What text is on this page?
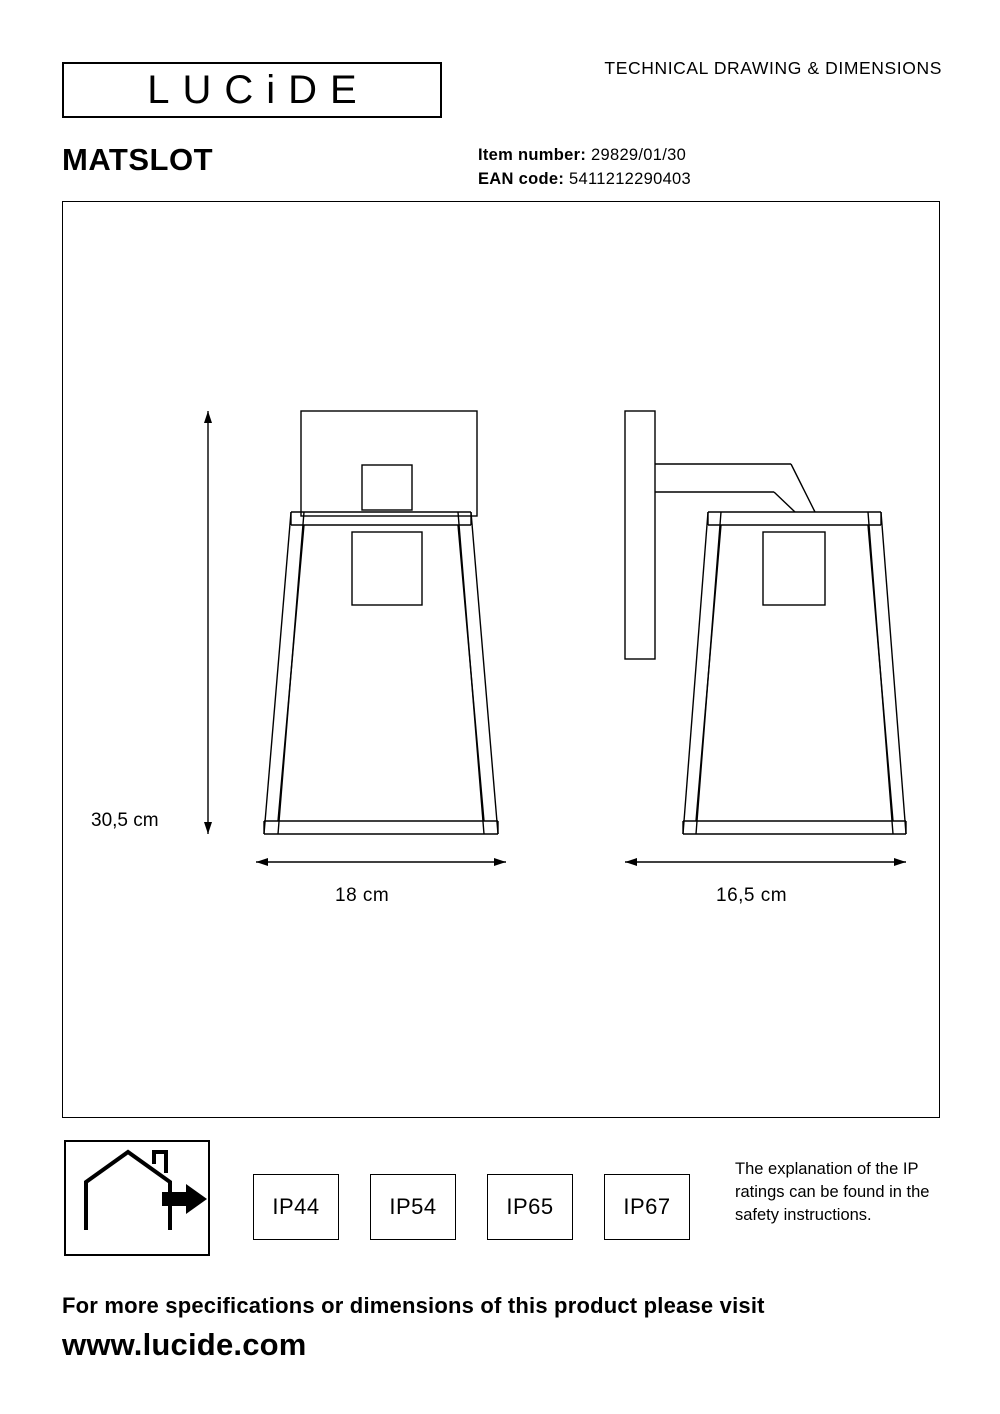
LUCiDE	TECHNICAL DRAWING & DIMENSIONS
MATSLOT	Item number: 29829/01/30
EAN code: 5411212290403
30,5 cm
18 cm	16,5 cm
IP44	IP54	IP65	IP67
The explanation of the IP ratings can be found in the safety instructions.
For more specifications or dimensions of this product please visit
www.lucide.com
